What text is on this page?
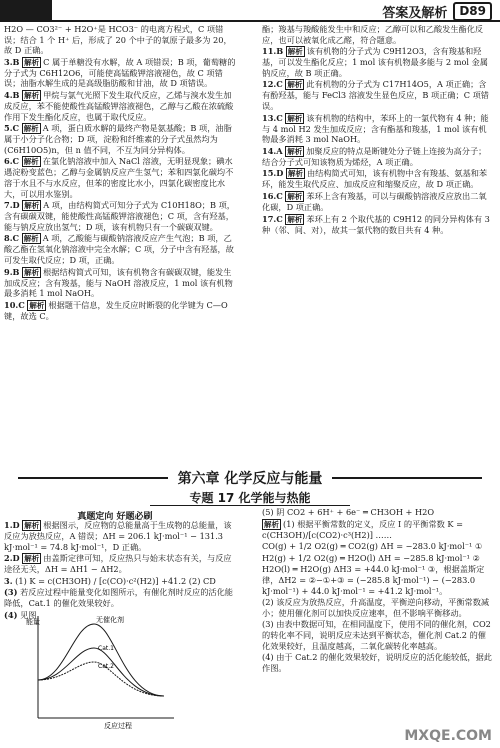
答案及解析	D89

H2O — CO3²⁻ + H2O⁺是 HCO3⁻ 的电离方程式，C 项错误；结合 1 个 H⁺ 后，形成了 20 个中子的氧原子最多为 20，故 D 正确。

3.B 解析 C 属于单糖没有水解，故 A 项错误；B 项，葡萄糖的分子式为 C6H12O6，可能使高锰酸钾溶液褪色，故 C 项错误；油脂水解生成的是高级脂肪酸和甘油，故 D 项错误。

4.B 解析 甲烷与氯气光照下发生取代反应，乙烯与溴水发生加成反应，苯不能使酸性高锰酸钾溶液褪色，乙醇与乙酸在浓硫酸作用下发生酯化反应，也属于取代反应。

5.C 解析 A 项，蛋白质水解的最终产物是氨基酸；B 项，油脂属于小分子化合物；D 项，淀粉和纤维素的分子式虽然均为 (C6H10O5)n，但 n 值不同，不互为同分异构体。

6.C 解析 在氯化钠溶液中加入 NaCl 溶液，无明显现象；碘水遇淀粉变蓝色；乙醇与金属钠反应产生氢气；苯和四氯化碳均不溶于水且不与水反应，但苯的密度比水小，四氯化碳密度比水大，可以用水鉴别。

7.D 解析 A 项，由结构简式可知分子式为 C10H18O；B 项，含有碳碳双键，能使酸性高锰酸钾溶液褪色；C 项，含有羟基，能与钠反应放出氢气；D 项，该有机物只有一个碳碳双键。

8.C 解析 A 项，乙酸能与碳酸钠溶液反应产生气泡；B 项，乙酸乙酯在氢氧化钠溶液中完全水解；C 项，分子中含有羟基，故可发生取代反应；D 项，正确。

9.B 解析 根据结构简式可知，该有机物含有碳碳双键，能发生加成反应；含有羧基，能与 NaOH 溶液反应，1 mol 该有机物最多消耗 1 mol NaOH。

10.C 解析 根据题干信息，发生反应时断裂的化学键为 C—O 键，故选 C。

酯；羧基与羧酸能发生中和反应；乙醇可以和乙酸发生酯化反应，也可以被氧化成乙醛，符合题意。

11.B 解析 该有机物的分子式为 C9H12O3，含有羧基和羟基，可以发生酯化反应；1 mol 该有机物最多能与 2 mol 金属钠反应，故 B 项正确。

12.C 解析 此有机物的分子式为 C17H14O5，A 项正确；含有酚羟基，能与 FeCl3 溶液发生显色反应，B 项正确；C 项错误。

13.C 解析 该有机物的结构中，苯环上的一氯代物有 4 种；能与 4 mol H2 发生加成反应；含有酯基和羧基，1 mol 该有机物最多消耗 3 mol NaOH。

14.A 解析 加聚反应的特点是断键处分子链上连接为高分子；结合分子式可知该物质为烯烃，A 项正确。

15.D 解析 由结构简式可知，该有机物中含有羧基、氨基和苯环，能发生取代反应、加成反应和缩聚反应，故 D 项正确。

16.C 解析 苯环上含有羧基，可以与碳酸钠溶液反应放出二氧化碳，D 项正确。

17.C 解析 苯环上有 2 个取代基的 C9H12 的同分异构体有 3 种（邻、间、对），故其一氯代物的数目共有 4 种。

第六章 化学反应与能量
专题 17 化学能与热能
真题定向 好题必刷

1.D 解析 根据图示，反应物的总能量高于生成物的总能量，该反应为放热反应，A 错误；ΔH = 206.1 kJ·mol⁻¹ − 131.3 kJ·mol⁻¹ = 74.8 kJ·mol⁻¹，D 正确。

2.D 解析 由盖斯定律可知，反应热只与始末状态有关，与反应途径无关，ΔH = ΔH1 − ΔH2。

3. (1) K = c(CH3OH) / [c(CO)·c²(H2)] +41.2 (2) CD

(3) 若反应过程中能量变化如图所示，有催化剂时反应的活化能降低，Cat.1 的催化效果较好。

(4) 见图

(5) 阴 CO2 + 6H⁺ + 6e⁻ ═ CH3OH + H2O

解析 (1) 根据平衡常数的定义，反应 I 的平衡常数 K = c(CH3OH)/[c(CO2)·c³(H2)] ……

CO(g) + 1/2 O2(g) ═ CO2(g) ΔH = −283.0 kJ·mol⁻¹ ①

H2(g) + 1/2 O2(g) ═ H2O(l) ΔH = −285.8 kJ·mol⁻¹ ②

H2O(l) ═ H2O(g) ΔH3 = +44.0 kJ·mol⁻¹ ③，根据盖斯定律，ΔH2 = ②−①+③ = (−285.8 kJ·mol⁻¹) − (−283.0 kJ·mol⁻¹) + 44.0 kJ·mol⁻¹ = +41.2 kJ·mol⁻¹。

(2) 该反应为放热反应，升高温度，平衡逆向移动，平衡常数减小；使用催化剂可以加快反应速率，但不影响平衡移动。

(3) 由表中数据可知，在相同温度下，使用不同的催化剂，CO2 的转化率不同，说明反应未达到平衡状态，催化剂 Cat.2 的催化效果较好，且温度越高，二氧化碳转化率越高。

(4) 由于 Cat.2 的催化效果较好，说明反应的活化能较低，据此作图。

能量
反应过程
无催化剂
Cat.1
Cat.2
MXQE.COM
